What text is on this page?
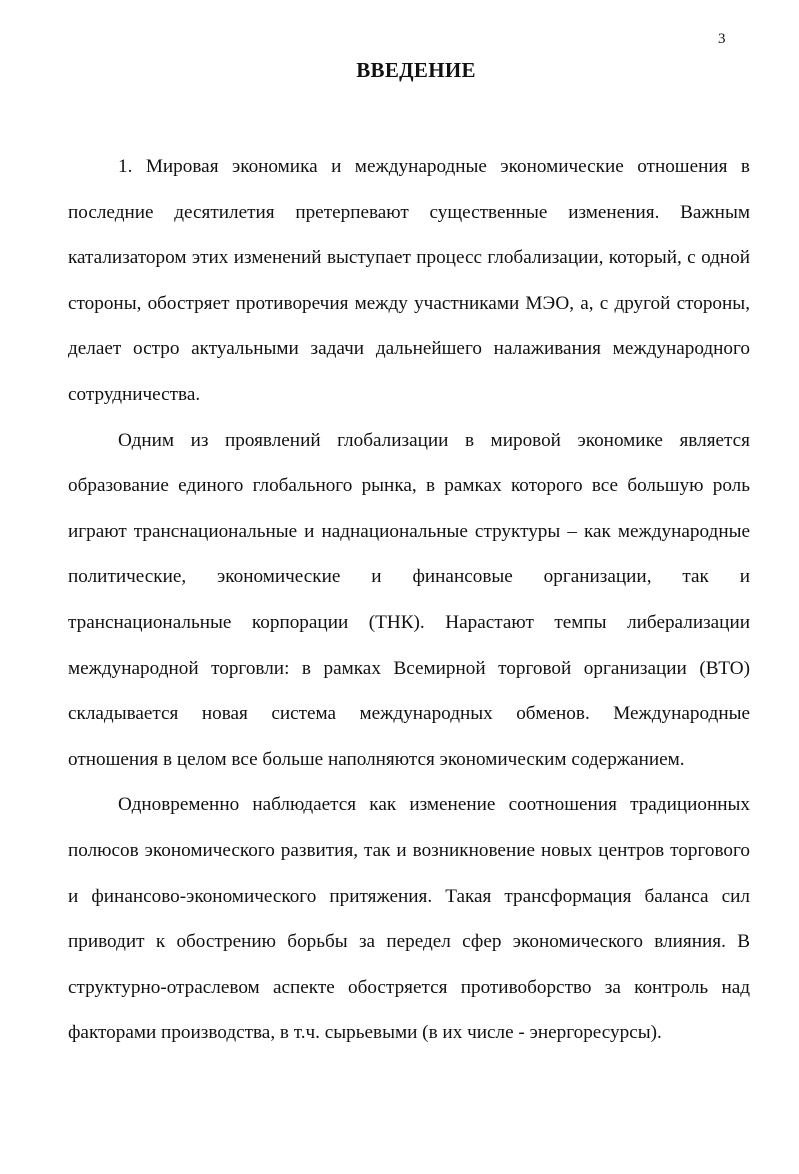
3
ВВЕДЕНИЕ

1. Мировая экономика и международные экономические отношения в последние десятилетия претерпевают существенные изменения. Важным катализатором этих изменений выступает процесс глобализации, который, с одной стороны, обостряет противоречия между участниками МЭО, а, с другой стороны, делает остро актуальными задачи дальнейшего налаживания международного сотрудничества.

Одним из проявлений глобализации в мировой экономике является образование единого глобального рынка, в рамках которого все большую роль играют транснациональные и наднациональные структуры – как международные политические, экономические и финансовые организации, так и транснациональные корпорации (ТНК). Нарастают темпы либерализации международной торговли: в рамках Всемирной торговой организации (ВТО) складывается новая система международных обменов. Международные отношения в целом все больше наполняются экономическим содержанием.

Одновременно наблюдается как изменение соотношения традиционных полюсов экономического развития, так и возникновение новых центров торгового и финансово-экономического притяжения. Такая трансформация баланса сил приводит к обострению борьбы за передел сфер экономического влияния. В структурно-отраслевом аспекте обостряется противоборство за контроль над факторами производства, в т.ч. сырьевыми (в их числе - энергоресурсы).
